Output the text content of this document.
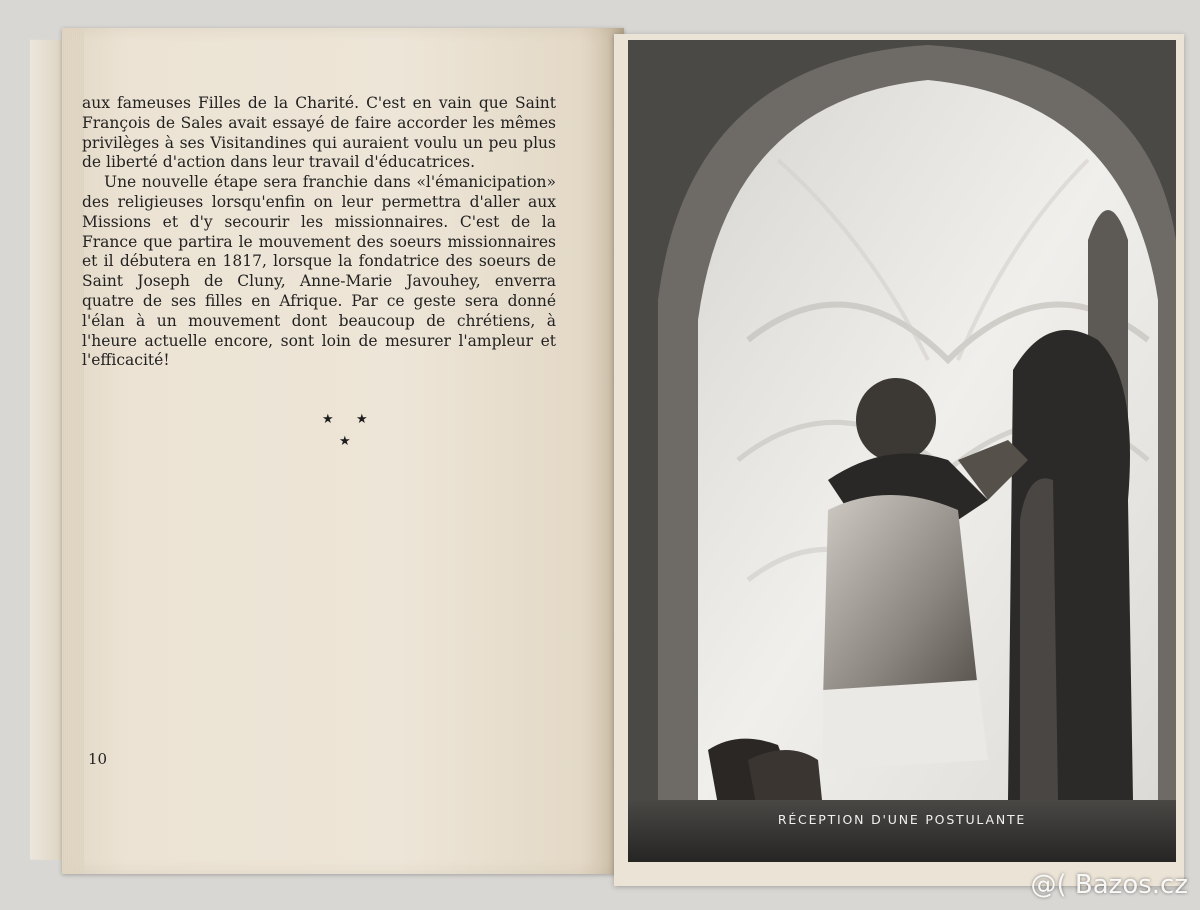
aux fameuses Filles de la Charité. C'est en vain que Saint François de Sales avait essayé de faire accorder les mêmes privilèges à ses Visitandines qui auraient voulu un peu plus de liberté d'action dans leur travail d'éducatrices.

Une nouvelle étape sera franchie dans «l'émanicipation» des religieuses lorsqu'enfin on leur permettra d'aller aux Missions et d'y secourir les missionnaires. C'est de la France que partira le mouvement des soeurs missionnaires et il débutera en 1817, lorsque la fondatrice des soeurs de Saint Joseph de Cluny, Anne-Marie Javouhey, enverra quatre de ses filles en Afrique. Par ce geste sera donné l'élan à un mouvement dont beaucoup de chrétiens, à l'heure actuelle encore, sont loin de mesurer l'ampleur et l'efficacité!

★ ★
★
10
RÉCEPTION D'UNE POSTULANTE
@( Bazos.cz
